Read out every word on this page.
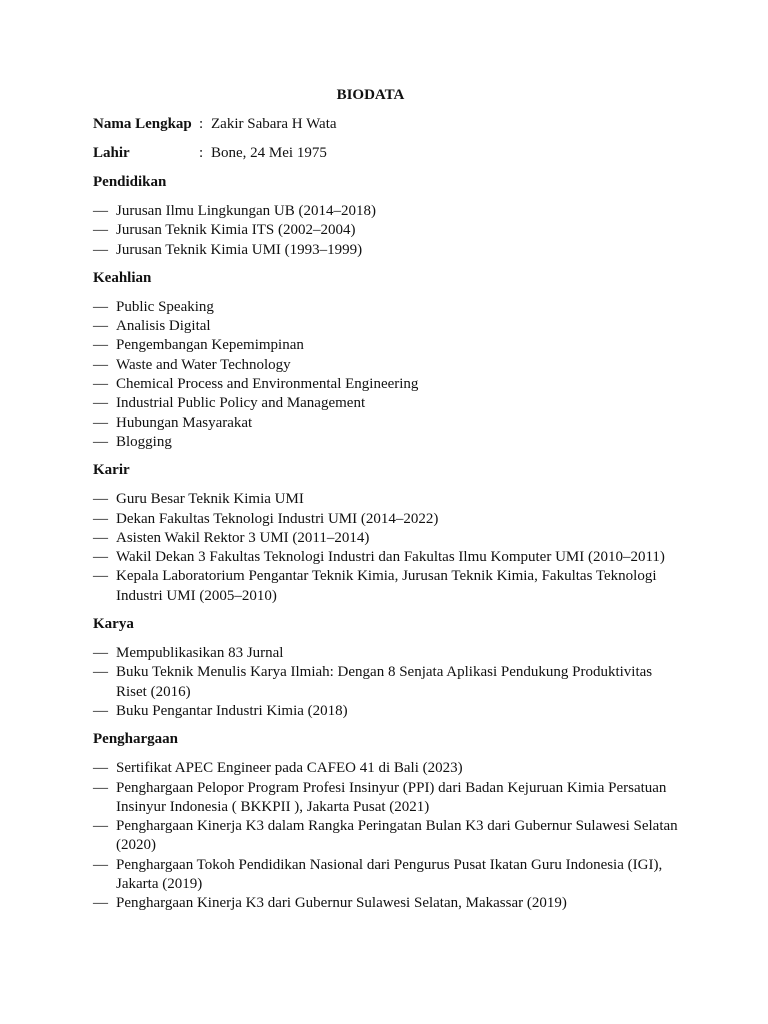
BIODATA
Nama Lengkap : Zakir Sabara H Wata
Lahir	: Bone, 24 Mei 1975
Pendidikan
— Jurusan Ilmu Lingkungan UB (2014–2018)
— Jurusan Teknik Kimia ITS (2002–2004)
— Jurusan Teknik Kimia UMI (1993–1999)
Keahlian
— Public Speaking
— Analisis Digital
— Pengembangan Kepemimpinan
— Waste and Water Technology
— Chemical Process and Environmental Engineering
— Industrial Public Policy and Management
— Hubungan Masyarakat
— Blogging
Karir
— Guru Besar Teknik Kimia UMI
— Dekan Fakultas Teknologi Industri UMI (2014–2022)
— Asisten Wakil Rektor 3 UMI (2011–2014)
— Wakil Dekan 3 Fakultas Teknologi Industri dan Fakultas Ilmu Komputer UMI (2010–2011)
— Kepala Laboratorium Pengantar Teknik Kimia, Jurusan Teknik Kimia, Fakultas Teknologi Industri UMI (2005–2010)
Karya
— Mempublikasikan 83 Jurnal
— Buku Teknik Menulis Karya Ilmiah: Dengan 8 Senjata Aplikasi Pendukung Produktivitas Riset (2016)
— Buku Pengantar Industri Kimia (2018)
Penghargaan
— Sertifikat APEC Engineer pada CAFEO 41 di Bali (2023)
— Penghargaan Pelopor Program Profesi Insinyur (PPI) dari Badan Kejuruan Kimia Persatuan Insinyur Indonesia ( BKKPII ), Jakarta Pusat (2021)
— Penghargaan Kinerja K3 dalam Rangka Peringatan Bulan K3 dari Gubernur Sulawesi Selatan (2020)
— Penghargaan Tokoh Pendidikan Nasional dari Pengurus Pusat Ikatan Guru Indonesia (IGI), Jakarta (2019)
— Penghargaan Kinerja K3 dari Gubernur Sulawesi Selatan, Makassar (2019)
